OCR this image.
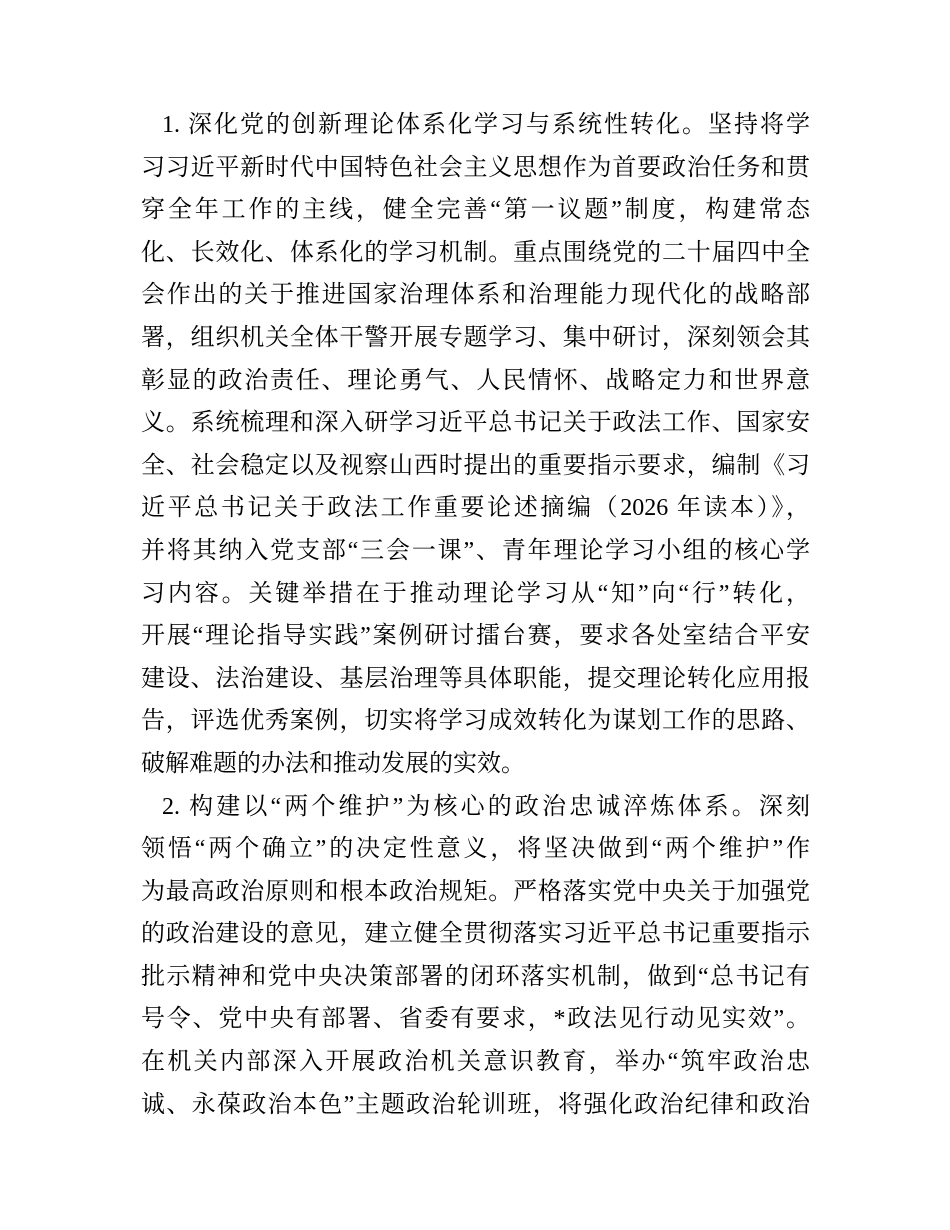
1. 深化党的创新理论体系化学习与系统性转化。坚持将学
习习近平新时代中国特色社会主义思想作为首要政治任务和贯
穿全年工作的主线，健全完善“第一议题”制度，构建常态
化、长效化、体系化的学习机制。重点围绕党的二十届四中全
会作出的关于推进国家治理体系和治理能力现代化的战略部
署，组织机关全体干警开展专题学习、集中研讨，深刻领会其
彰显的政治责任、理论勇气、人民情怀、战略定力和世界意
义。系统梳理和深入研学习近平总书记关于政法工作、国家安
全、社会稳定以及视察山西时提出的重要指示要求，编制《习
近平总书记关于政法工作重要论述摘编（2026 年读本）》，
并将其纳入党支部“三会一课”、青年理论学习小组的核心学
习内容。关键举措在于推动理论学习从“知”向“行”转化，
开展“理论指导实践”案例研讨擂台赛，要求各处室结合平安
建设、法治建设、基层治理等具体职能，提交理论转化应用报
告，评选优秀案例，切实将学习成效转化为谋划工作的思路、
破解难题的办法和推动发展的实效。
2. 构建以“两个维护”为核心的政治忠诚淬炼体系。深刻
领悟“两个确立”的决定性意义，将坚决做到“两个维护”作
为最高政治原则和根本政治规矩。严格落实党中央关于加强党
的政治建设的意见，建立健全贯彻落实习近平总书记重要指示
批示精神和党中央决策部署的闭环落实机制，做到“总书记有
号令、党中央有部署、省委有要求，*政法见行动见实效”。
在机关内部深入开展政治机关意识教育，举办“筑牢政治忠
诚、永葆政治本色”主题政治轮训班，将强化政治纪律和政治
